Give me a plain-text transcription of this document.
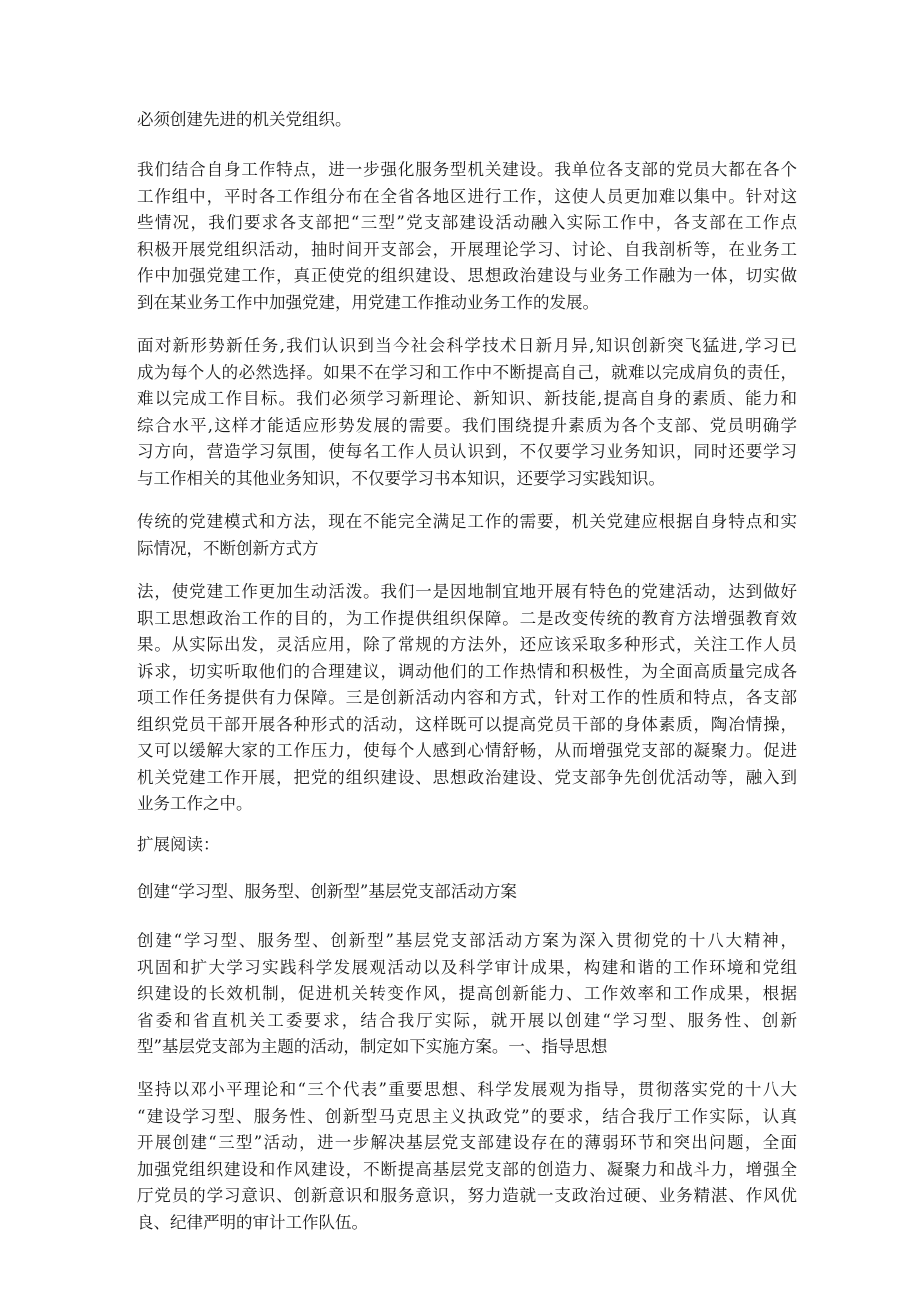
必须创建先进的机关党组织。
我们结合自身工作特点，进一步强化服务型机关建设。我单位各支部的党员大都在各个
工作组中，平时各工作组分布在全省各地区进行工作，这使人员更加难以集中。针对这
些情况，我们要求各支部把“三型”党支部建设活动融入实际工作中，各支部在工作点
积极开展党组织活动，抽时间开支部会，开展理论学习、讨论、自我剖析等，在业务工
作中加强党建工作，真正使党的组织建设、思想政治建设与业务工作融为一体，切实做
到在某业务工作中加强党建，用党建工作推动业务工作的发展。
面对新形势新任务,我们认识到当今社会科学技术日新月异,知识创新突飞猛进,学习已
成为每个人的必然选择。如果不在学习和工作中不断提高自己，就难以完成肩负的责任，
难以完成工作目标。我们必须学习新理论、新知识、新技能,提高自身的素质、能力和
综合水平,这样才能适应形势发展的需要。我们围绕提升素质为各个支部、党员明确学
习方向，营造学习氛围，使每名工作人员认识到，不仅要学习业务知识，同时还要学习
与工作相关的其他业务知识，不仅要学习书本知识，还要学习实践知识。
传统的党建模式和方法，现在不能完全满足工作的需要，机关党建应根据自身特点和实
际情况，不断创新方式方
法，使党建工作更加生动活泼。我们一是因地制宜地开展有特色的党建活动，达到做好
职工思想政治工作的目的，为工作提供组织保障。二是改变传统的教育方法增强教育效
果。从实际出发，灵活应用，除了常规的方法外，还应该采取多种形式，关注工作人员
诉求，切实听取他们的合理建议，调动他们的工作热情和积极性，为全面高质量完成各
项工作任务提供有力保障。三是创新活动内容和方式，针对工作的性质和特点，各支部
组织党员干部开展各种形式的活动，这样既可以提高党员干部的身体素质，陶冶情操，
又可以缓解大家的工作压力，使每个人感到心情舒畅，从而增强党支部的凝聚力。促进
机关党建工作开展，把党的组织建设、思想政治建设、党支部争先创优活动等，融入到
业务工作之中。
扩展阅读：
创建“学习型、服务型、创新型”基层党支部活动方案
创建“学习型、服务型、创新型”基层党支部活动方案为深入贯彻党的十八大精神，
巩固和扩大学习实践科学发展观活动以及科学审计成果，构建和谐的工作环境和党组
织建设的长效机制，促进机关转变作风，提高创新能力、工作效率和工作成果，根据
省委和省直机关工委要求，结合我厅实际，就开展以创建“学习型、服务性、创新
型”基层党支部为主题的活动，制定如下实施方案。一、指导思想
坚持以邓小平理论和“三个代表”重要思想、科学发展观为指导，贯彻落实党的十八大
“建设学习型、服务性、创新型马克思主义执政党”的要求，结合我厅工作实际，认真
开展创建“三型”活动，进一步解决基层党支部建设存在的薄弱环节和突出问题，全面
加强党组织建设和作风建设，不断提高基层党支部的创造力、凝聚力和战斗力，增强全
厅党员的学习意识、创新意识和服务意识，努力造就一支政治过硬、业务精湛、作风优
良、纪律严明的审计工作队伍。
